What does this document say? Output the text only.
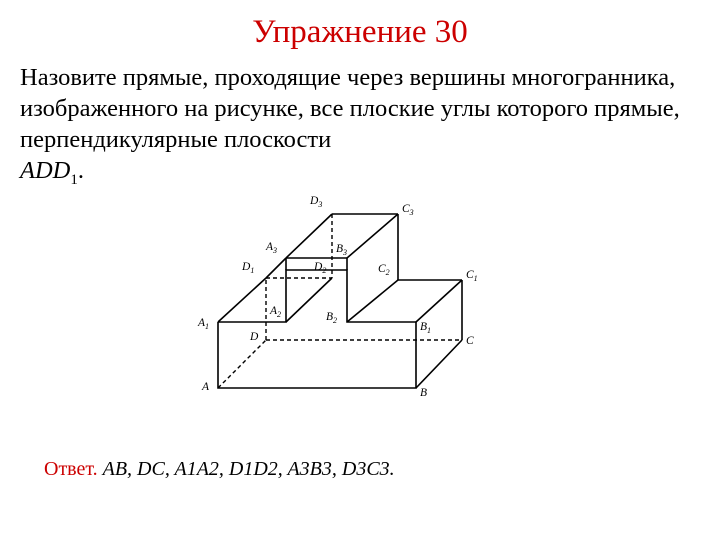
Упражнение 30
Назовите прямые, проходящие через вершины многогранника, изображенного на рисунке, все плоские углы которого прямые, перпендикулярные плоскости
$ADD_1$.
$D_3$	$C_3$
$A_3$	$B_3$
$D_1$	$D_2$	$C_2$	$C_1$
$A_2$	$B_2$
$A_1$	$B_1$
D	C
A	B
Ответ. AB, DC, A1A2, D1D2, A3B3, D3C3.
